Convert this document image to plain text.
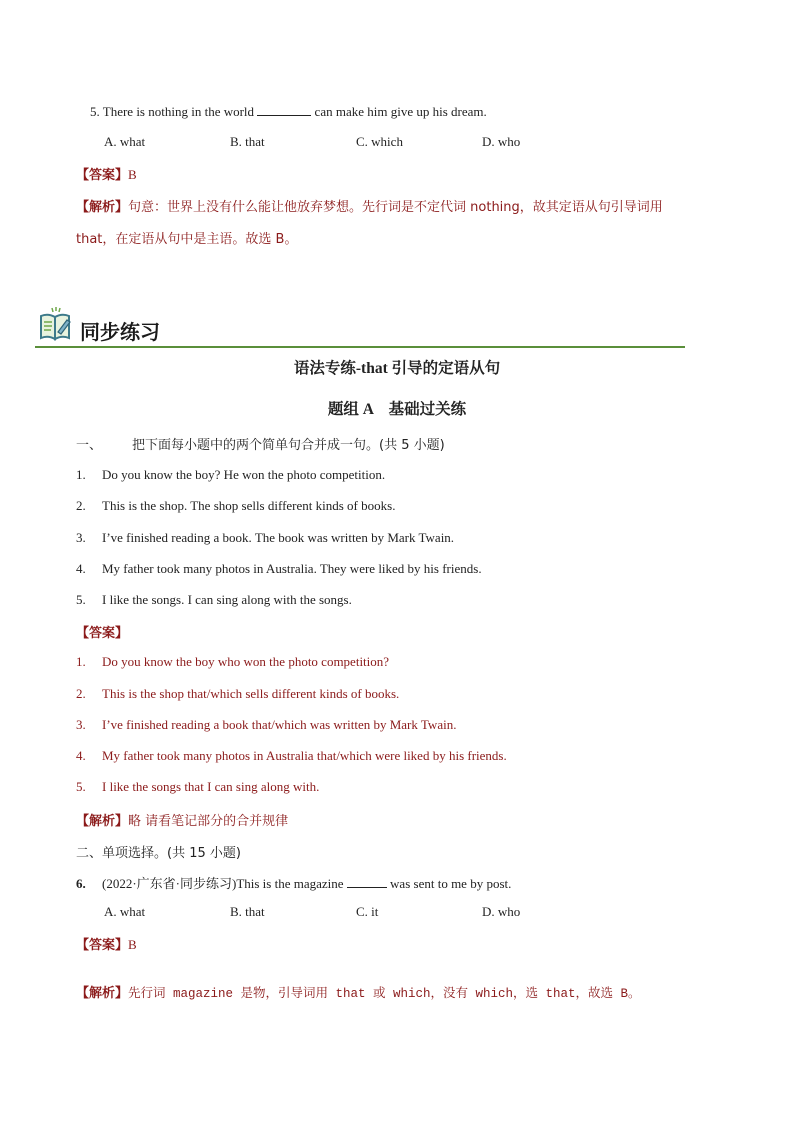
5. There is nothing in the world	can make him give up his dream.
A. what	B. that	C. which	D. who
【答案】B
【解析】句意：世界上没有什么能让他放弃梦想。先行词是不定代词 nothing，故其定语从句引导词用
that，在定语从句中是主语。故选 B。
同步练习
语法专练-that 引导的定语从句
题组 A　基础过关练
一、 把下面每小题中的两个简单句合并成一句。(共 5 小题)
1. Do you know the boy? He won the photo competition.
2. This is the shop. The shop sells different kinds of books.
3. I’ve finished reading a book. The book was written by Mark Twain.
4. My father took many photos in Australia. They were liked by his friends.
5. I like the songs. I can sing along with the songs.
【答案】
1. Do you know the boy who won the photo competition?
2. This is the shop that/which sells different kinds of books.
3. I’ve finished reading a book that/which was written by Mark Twain.
4. My father took many photos in Australia that/which were liked by his friends.
5. I like the songs that I can sing along with.
【解析】略 请看笔记部分的合并规律
二、单项选择。(共 15 小题)
6. (2022·广东省·同步练习)This is the magazine	was sent to me by post.
A. what	B. that	C. it	D. who
【答案】B
【解析】先行词 magazine 是物，引导词用 that 或 which，没有 which，选 that，故选 B。
